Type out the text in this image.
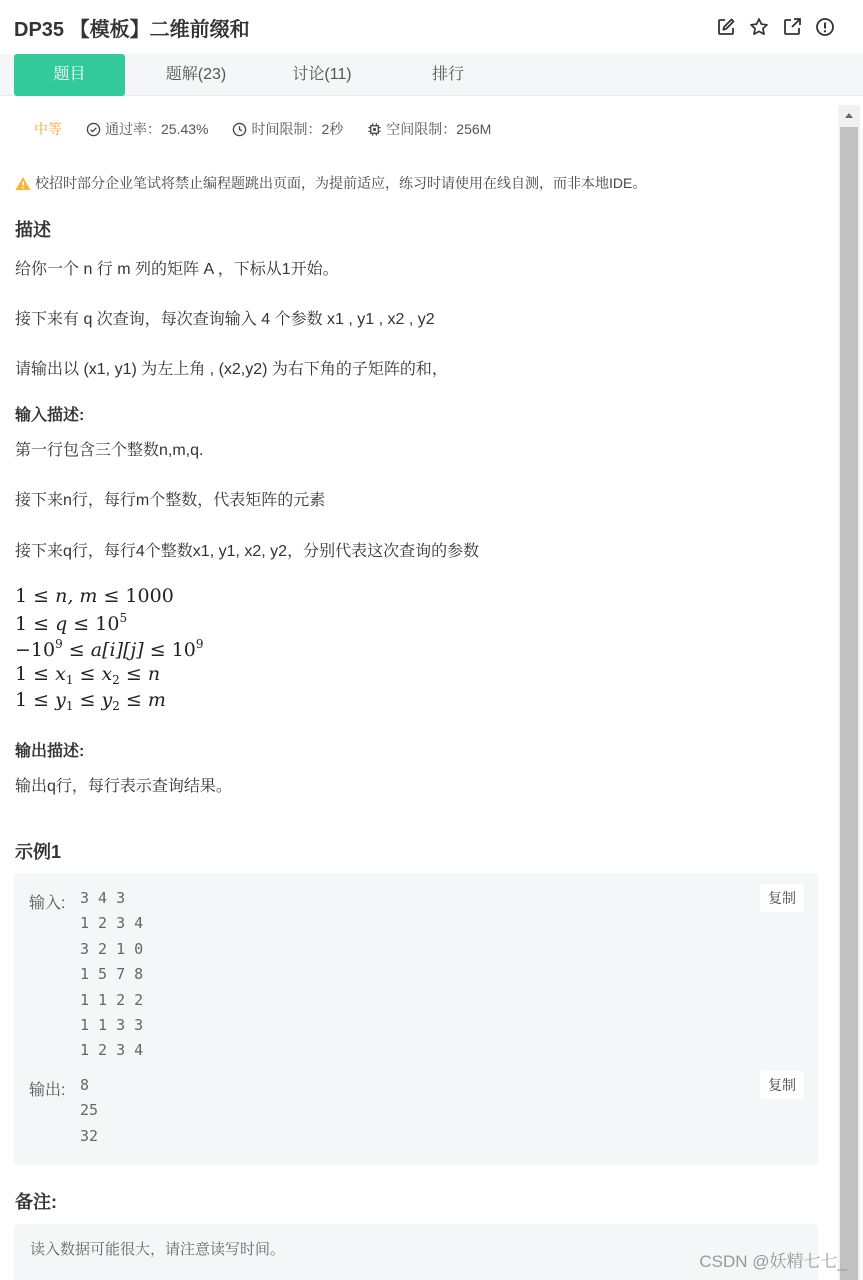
DP35 【模板】二维前缀和
题目	题解(23)	讨论(11)	排行
中等	通过率：25.43%	时间限制：2秒	空间限制：256M
校招时部分企业笔试将禁止编程题跳出页面，为提前适应，练习时请使用在线自测，而非本地IDE。
描述
给你一个 n 行 m 列的矩阵 A ，下标从1开始。
接下来有 q 次查询，每次查询输入 4 个参数 x1 , y1 , x2 , y2
请输出以 (x1, y1) 为左上角 , (x2,y2) 为右下角的子矩阵的和，
输入描述:
第一行包含三个整数n,m,q.
接下来n行，每行m个整数，代表矩阵的元素
接下来q行，每行4个整数x1, y1, x2, y2，分别代表这次查询的参数
1 ≤ n, m ≤ 1000
$1 \le q \le 10^5$
$-10^9 \le a[i][j] \le 10^9$
$1 \le x_1 \le x_2 \le n$
$1 \le y_1 \le y_2 \le m$
输出描述:
输出q行，每行表示查询结果。
示例1
输入: 3 4 3
1 2 3 4
3 2 1 0
1 5 7 8
1 1 2 2
1 1 3 3
1 2 3 4
复制
输出: 8
25
32
复制
备注:
读入数据可能很大，请注意读写时间。
CSDN @妖精七七_
